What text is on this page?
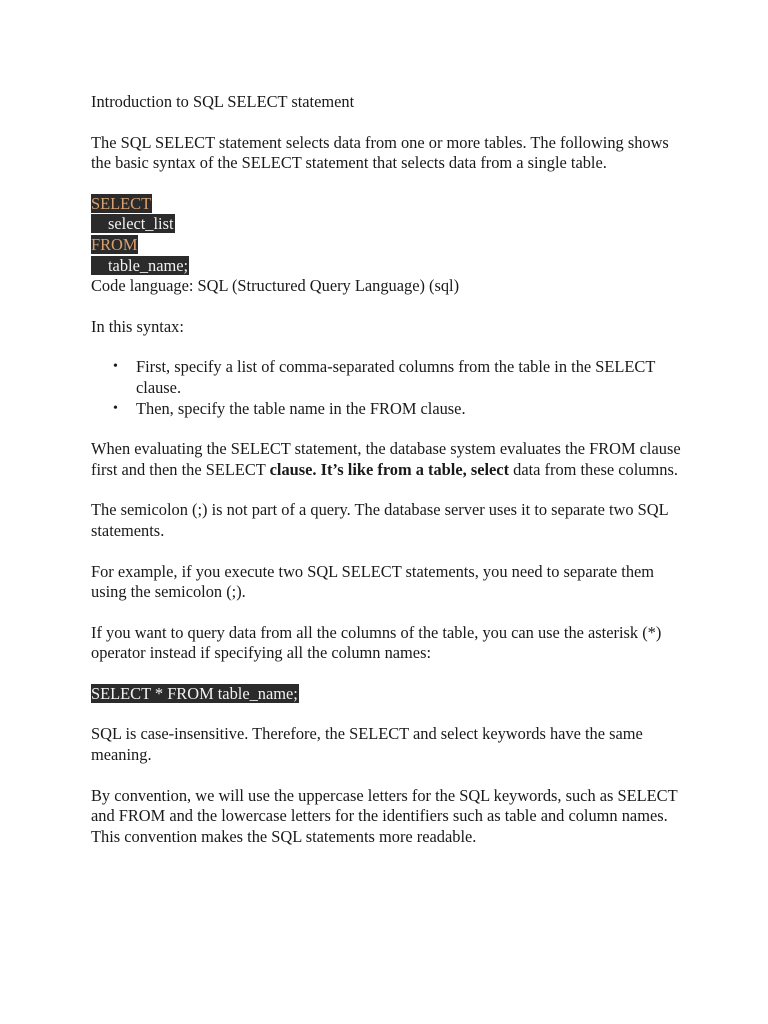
Introduction to SQL SELECT statement

The SQL SELECT statement selects data from one or more tables. The following shows the basic syntax of the SELECT statement that selects data from a single table.

SELECT
select_list
FROM
table_name;

Code language: SQL (Structured Query Language) (sql)

In this syntax:

• First, specify a list of comma-separated columns from the table in the SELECT clause.
• Then, specify the table name in the FROM clause.

When evaluating the SELECT statement, the database system evaluates the FROM clause first and then the SELECT clause. It’s like from a table, select data from these columns.

The semicolon (;) is not part of a query. The database server uses it to separate two SQL statements.

For example, if you execute two SQL SELECT statements, you need to separate them using the semicolon (;).

If you want to query data from all the columns of the table, you can use the asterisk (*) operator instead if specifying all the column names:

SELECT * FROM table_name;

SQL is case-insensitive. Therefore, the SELECT and select keywords have the same meaning.

By convention, we will use the uppercase letters for the SQL keywords, such as SELECT and FROM and the lowercase letters for the identifiers such as table and column names. This convention makes the SQL statements more readable.
